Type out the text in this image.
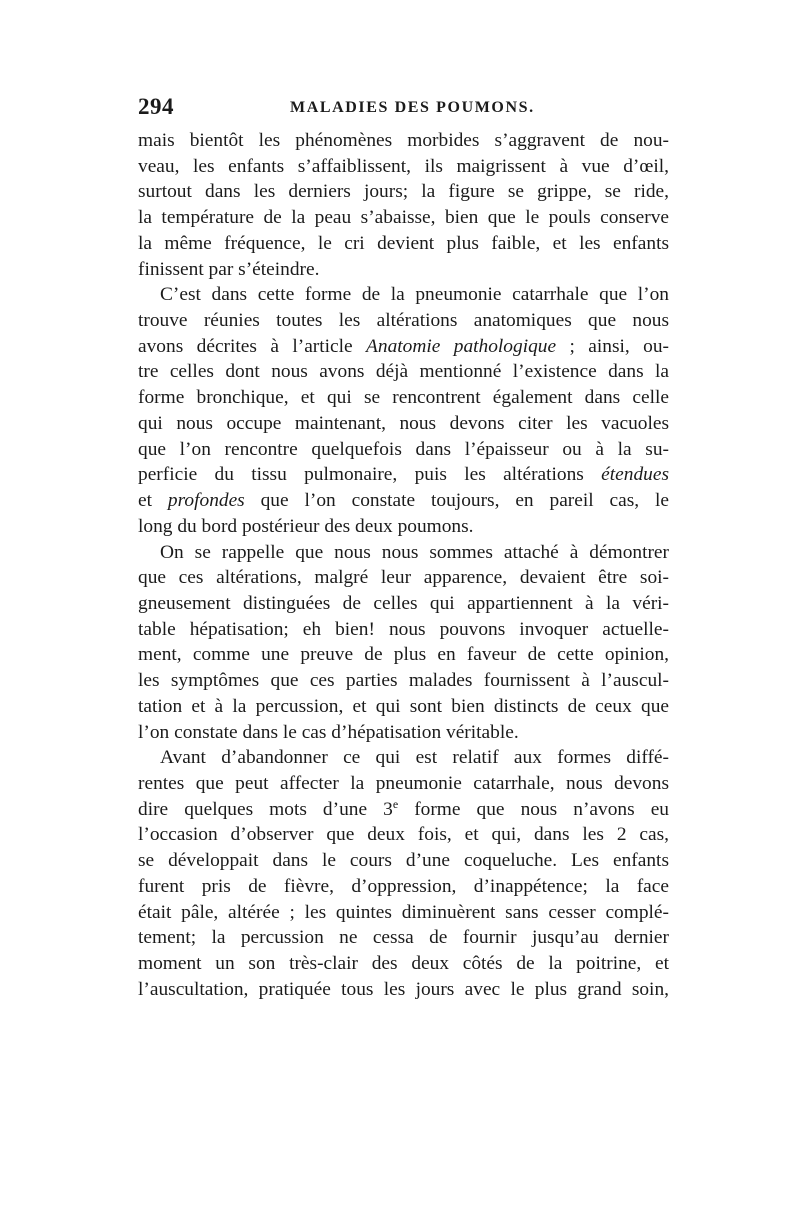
294	MALADIES DES POUMONS.
mais bientôt les phénomènes morbides s’aggravent de nou-
veau, les enfants s’affaiblissent, ils maigrissent à vue d’œil,
surtout dans les derniers jours; la figure se grippe, se ride,
la température de la peau s’abaisse, bien que le pouls conserve
la même fréquence, le cri devient plus faible, et les enfants
finissent par s’éteindre.
C’est dans cette forme de la pneumonie catarrhale que l’on
trouve réunies toutes les altérations anatomiques que nous
avons décrites à l’article Anatomie pathologique ; ainsi, ou-
tre celles dont nous avons déjà mentionné l’existence dans la
forme bronchique, et qui se rencontrent également dans celle
qui nous occupe maintenant, nous devons citer les vacuoles
que l’on rencontre quelquefois dans l’épaisseur ou à la su-
perficie du tissu pulmonaire, puis les altérations étendues
et profondes que l’on constate toujours, en pareil cas, le
long du bord postérieur des deux poumons.
On se rappelle que nous nous sommes attaché à démontrer
que ces altérations, malgré leur apparence, devaient être soi-
gneusement distinguées de celles qui appartiennent à la véri-
table hépatisation; eh bien! nous pouvons invoquer actuelle-
ment, comme une preuve de plus en faveur de cette opinion,
les symptômes que ces parties malades fournissent à l’auscul-
tation et à la percussion, et qui sont bien distincts de ceux que
l’on constate dans le cas d’hépatisation véritable.
Avant d’abandonner ce qui est relatif aux formes diffé-
rentes que peut affecter la pneumonie catarrhale, nous devons
dire quelques mots d’une 3e forme que nous n’avons eu
l’occasion d’observer que deux fois, et qui, dans les 2 cas,
se développait dans le cours d’une coqueluche. Les enfants
furent pris de fièvre, d’oppression, d’inappétence; la face
était pâle, altérée ; les quintes diminuèrent sans cesser complé-
tement; la percussion ne cessa de fournir jusqu’au dernier
moment un son très-clair des deux côtés de la poitrine, et
l’auscultation, pratiquée tous les jours avec le plus grand soin,
